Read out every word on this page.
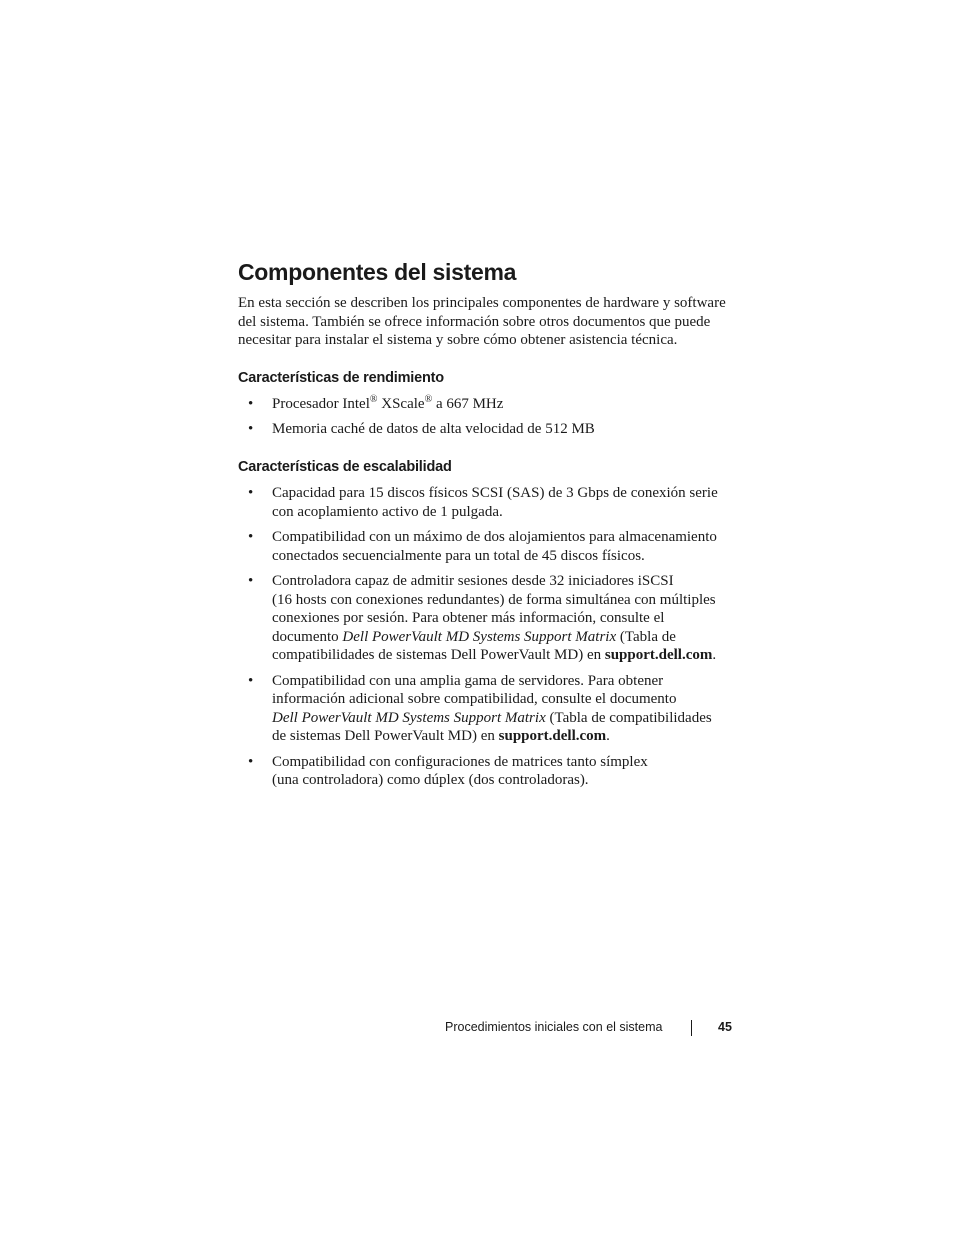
Componentes del sistema

En esta sección se describen los principales componentes de hardware y software
del sistema. También se ofrece información sobre otros documentos que puede
necesitar para instalar el sistema y sobre cómo obtener asistencia técnica.

Características de rendimiento
• Procesador Intel® XScale® a 667 MHz
• Memoria caché de datos de alta velocidad de 512 MB
Características de escalabilidad
• Capacidad para 15 discos físicos SCSI (SAS) de 3 Gbps de conexión serie
con acoplamiento activo de 1 pulgada.
• Compatibilidad con un máximo de dos alojamientos para almacenamiento
conectados secuencialmente para un total de 45 discos físicos.
• Controladora capaz de admitir sesiones desde 32 iniciadores iSCSI
(16 hosts con conexiones redundantes) de forma simultánea con múltiples
conexiones por sesión. Para obtener más información, consulte el
documento Dell PowerVault MD Systems Support Matrix (Tabla de
compatibilidades de sistemas Dell PowerVault MD) en support.dell.com.
• Compatibilidad con una amplia gama de servidores. Para obtener
información adicional sobre compatibilidad, consulte el documento
Dell PowerVault MD Systems Support Matrix (Tabla de compatibilidades
de sistemas Dell PowerVault MD) en support.dell.com.
• Compatibilidad con configuraciones de matrices tanto símplex
(una controladora) como dúplex (dos controladoras).
Procedimientos iniciales con el sistema	45
